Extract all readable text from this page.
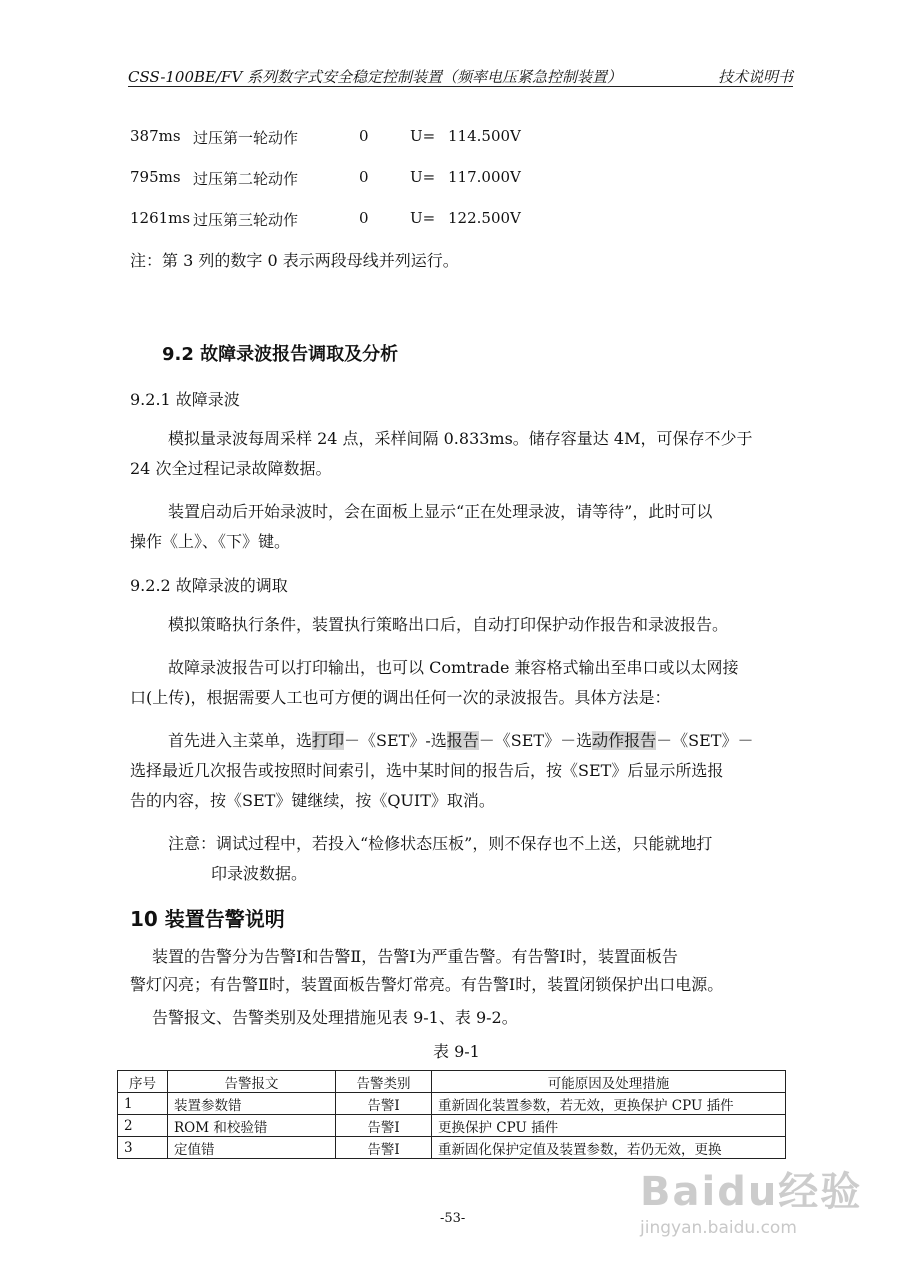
CSS-100BE/FV 系列数字式安全稳定控制装置（频率电压紧急控制装置）	技术说明书
387ms 过压第一轮动作	0	U= 114.500V
795ms 过压第二轮动作	0	U= 117.000V
1261ms 过压第三轮动作	0	U= 122.500V
注：第 3 列的数字 0 表示两段母线并列运行。
9.2 故障录波报告调取及分析
9.2.1 故障录波
模拟量录波每周采样 24 点，采样间隔 0.833ms。储存容量达 4M，可保存不少于
24 次全过程记录故障数据。
装置启动后开始录波时，会在面板上显示“正在处理录波，请等待”，此时可以
操作《上》、《下》键。
9.2.2 故障录波的调取
模拟策略执行条件，装置执行策略出口后，自动打印保护动作报告和录波报告。
故障录波报告可以打印输出，也可以 Comtrade 兼容格式输出至串口或以太网接
口(上传)，根据需要人工也可方便的调出任何一次的录波报告。具体方法是：
首先进入主菜单，选打印－《SET》-选报告－《SET》－选动作报告－《SET》－
选择最近几次报告或按照时间索引，选中某时间的报告后，按《SET》后显示所选报
告的内容，按《SET》键继续，按《QUIT》取消。
注意：调试过程中，若投入“检修状态压板”，则不保存也不上送，只能就地打
印录波数据。
10 装置告警说明
装置的告警分为告警Ⅰ和告警Ⅱ，告警Ⅰ为严重告警。有告警Ⅰ时，装置面板告
警灯闪亮；有告警Ⅱ时，装置面板告警灯常亮。有告警Ⅰ时，装置闭锁保护出口电源。
告警报文、告警类别及处理措施见表 9-1、表 9-2。
表 9-1
序号	告警报文	告警类别	可能原因及处理措施
1	装置参数错	告警Ⅰ	重新固化装置参数，若无效，更换保护 CPU 插件
2	ROM 和校验错	告警Ⅰ	更换保护 CPU 插件
3	定值错	告警Ⅰ	重新固化保护定值及装置参数，若仍无效，更换
Baidu经验
jingyan.baidu.com
-53-
